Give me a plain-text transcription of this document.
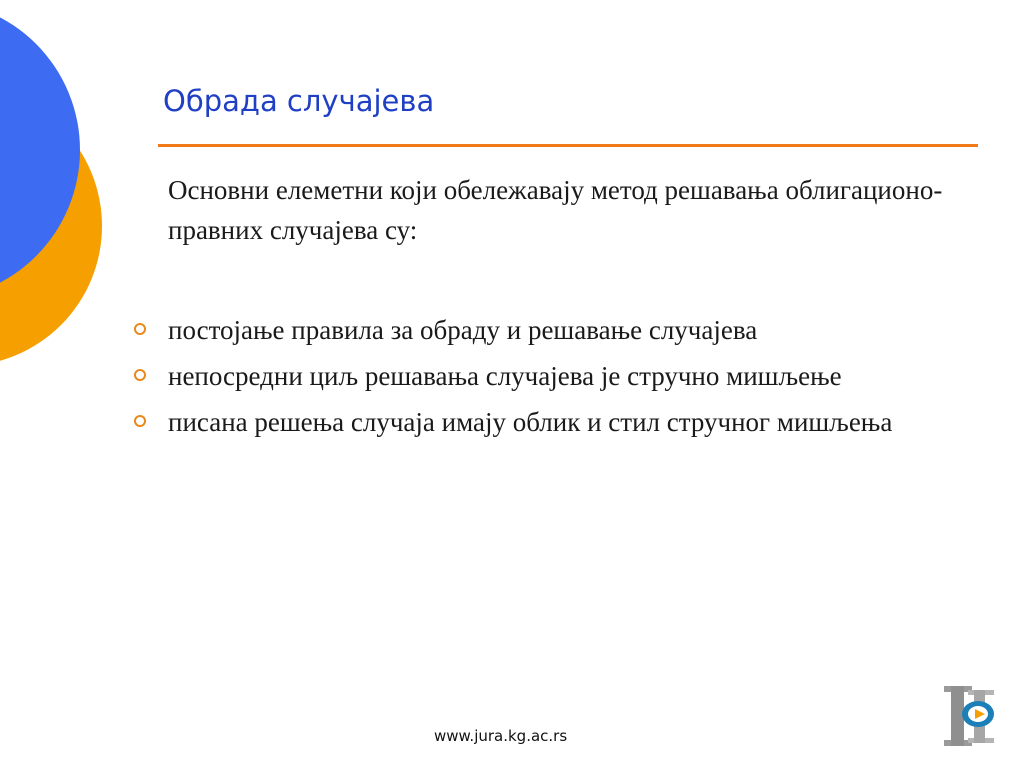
Обрада случајева
Основни елеметни који обележавају метод решавања облигационо-правних случајева су:
постојање правила за обраду и решавање случајева
непосредни циљ решавања случајева је стручно мишљење
писана решења случаја имају облик и стил стручног мишљења
www.jura.kg.ac.rs
